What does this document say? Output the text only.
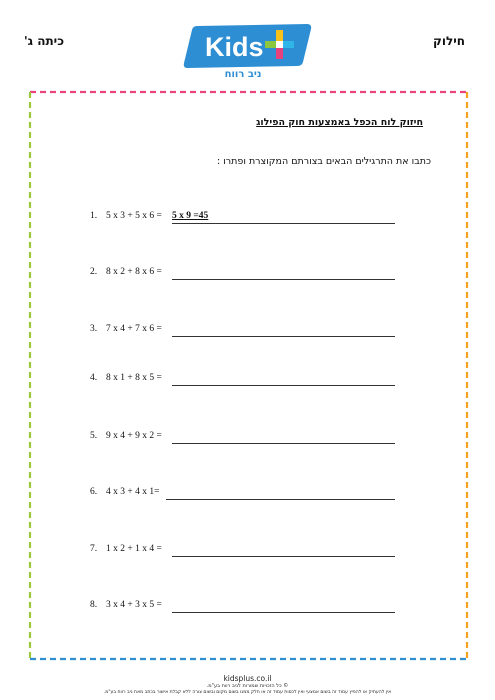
כיתה ג'	חילוק
Kids
ניב רווח
חיזוק לוח הכפל באמצעות חוק הפילוג
כתבו את התרגילים הבאים בצורתם המקוצרת ופתרו :
1. 5 x 3 + 5 x 6 = 5 x 9 =45
2. 8 x 2 + 8 x 6 =
3. 7 x 4 + 7 x 6 =
4. 8 x 1 + 8 x 5 =
5. 9 x 4 + 9 x 2 =
6. 4 x 3 + 4 x 1=
7. 1 x 2 + 1 x 4 =
8. 3 x 4 + 3 x 5 =
kidsplus.co.il
© כל הזכויות שמורות לניב רווח בע"מ.
אין להעתיק או להפיץ עמוד זה בשום אמצעי ואין לכסות עמוד זה או חלק ממנו בשום מקום ובשום צורה ללא קבלת אישור בכתב מאת ניב רווח בע"מ.
